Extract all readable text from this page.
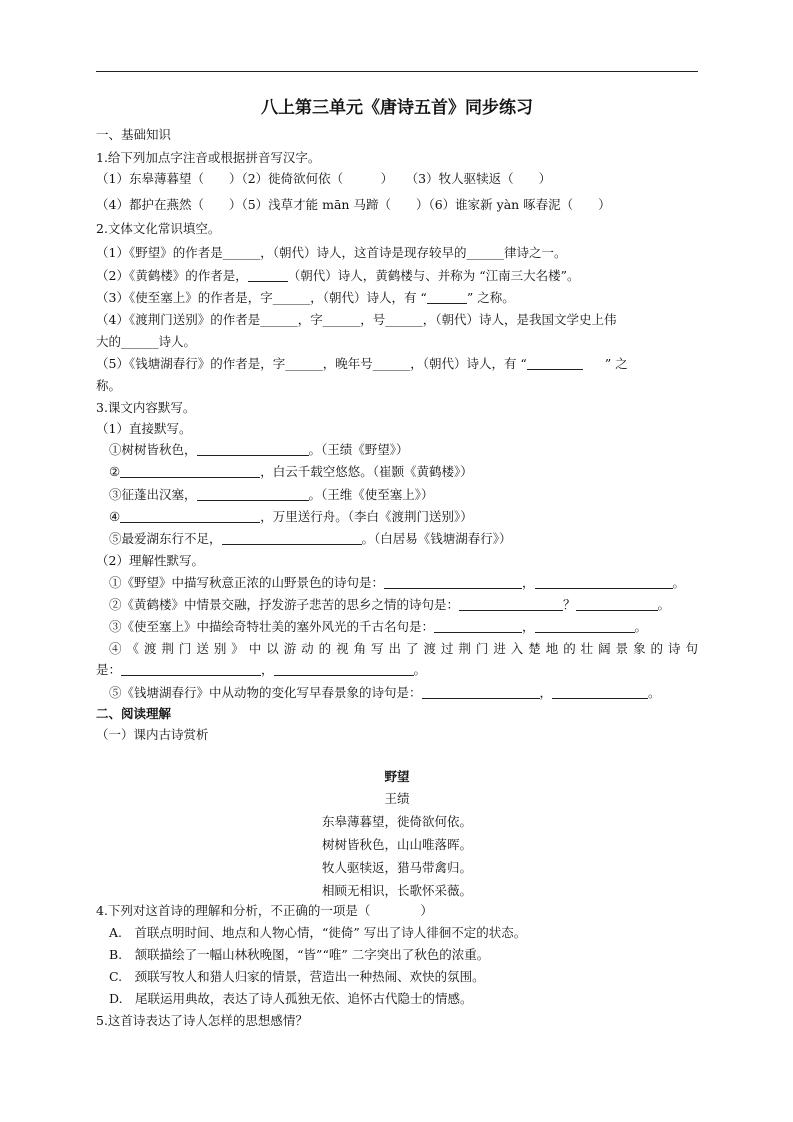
八上第三单元《唐诗五首》同步练习
一、基础知识
1.给下列加点字注音或根据拼音写汉字。
（1）东皋薄暮望（　　）（2）徙倚欲何依（　　　）　　（3）牧人驱犊返（　　）
（4）都护在燕然（　　）（5）浅草才能 mān 马蹄（　　）（6）谁家新 yàn 啄春泥（　　）
2.文体文化常识填空。
（1）《野望》的作者是______，（朝代）诗人，这首诗是现存较早的______律诗之一。
（2）《黄鹤楼》的作者是，	（朝代）诗人，黄鹤楼与、并称为 “江南三大名楼”。
（3）《使至塞上》的作者是，字______，（朝代）诗人，有 “	” 之称。
（4）《渡荆门送别》的作者是______，字______，号______，（朝代）诗人，是我国文学史上伟
大的______诗人。
（5）《钱塘湖春行》的作者是，字______，晚年号______，（朝代）诗人，有 “	” 之
称。
3.课文内容默写。
（1）直接默写。
①树树皆秋色，	。（王绩《野望》）
②	，白云千载空悠悠。（崔颢《黄鹤楼》）
③征蓬出汉塞，	。（王维《使至塞上》）
④	，万里送行舟。（李白《渡荆门送别》）
⑤最爱湖东行不足，	。（白居易《钱塘湖春行》）
（2）理解性默写。
①《野望》中描写秋意正浓的山野景色的诗句是：	，	。
②《黄鹤楼》中情景交融，抒发游子悲苦的思乡之情的诗句是：	？	。
③《使至塞上》中描绘奇特壮美的塞外风光的千古名句是：	，	。
④《渡荆门送别》中以游动的视角写出了渡过荆门进入楚地的壮阔景象的诗句
是：	，	。
⑤《钱塘湖春行》中从动物的变化写早春景象的诗句是：	，	。
二、阅读理解
（一）课内古诗赏析
野望
王绩
东皋薄暮望，徙倚欲何依。
树树皆秋色，山山唯落晖。
牧人驱犊返，猎马带禽归。
相顾无相识，长歌怀采薇。
4.下列对这首诗的理解和分析，不正确的一项是（　　　　）
A.　首联点明时间、地点和人物心情，“徙倚” 写出了诗人徘徊不定的状态。
B.　颔联描绘了一幅山林秋晚图，“皆”“唯” 二字突出了秋色的浓重。
C.　颈联写牧人和猎人归家的情景，营造出一种热闹、欢快的氛围。
D.　尾联运用典故，表达了诗人孤独无依、追怀古代隐士的情感。
5.这首诗表达了诗人怎样的思想感情？
